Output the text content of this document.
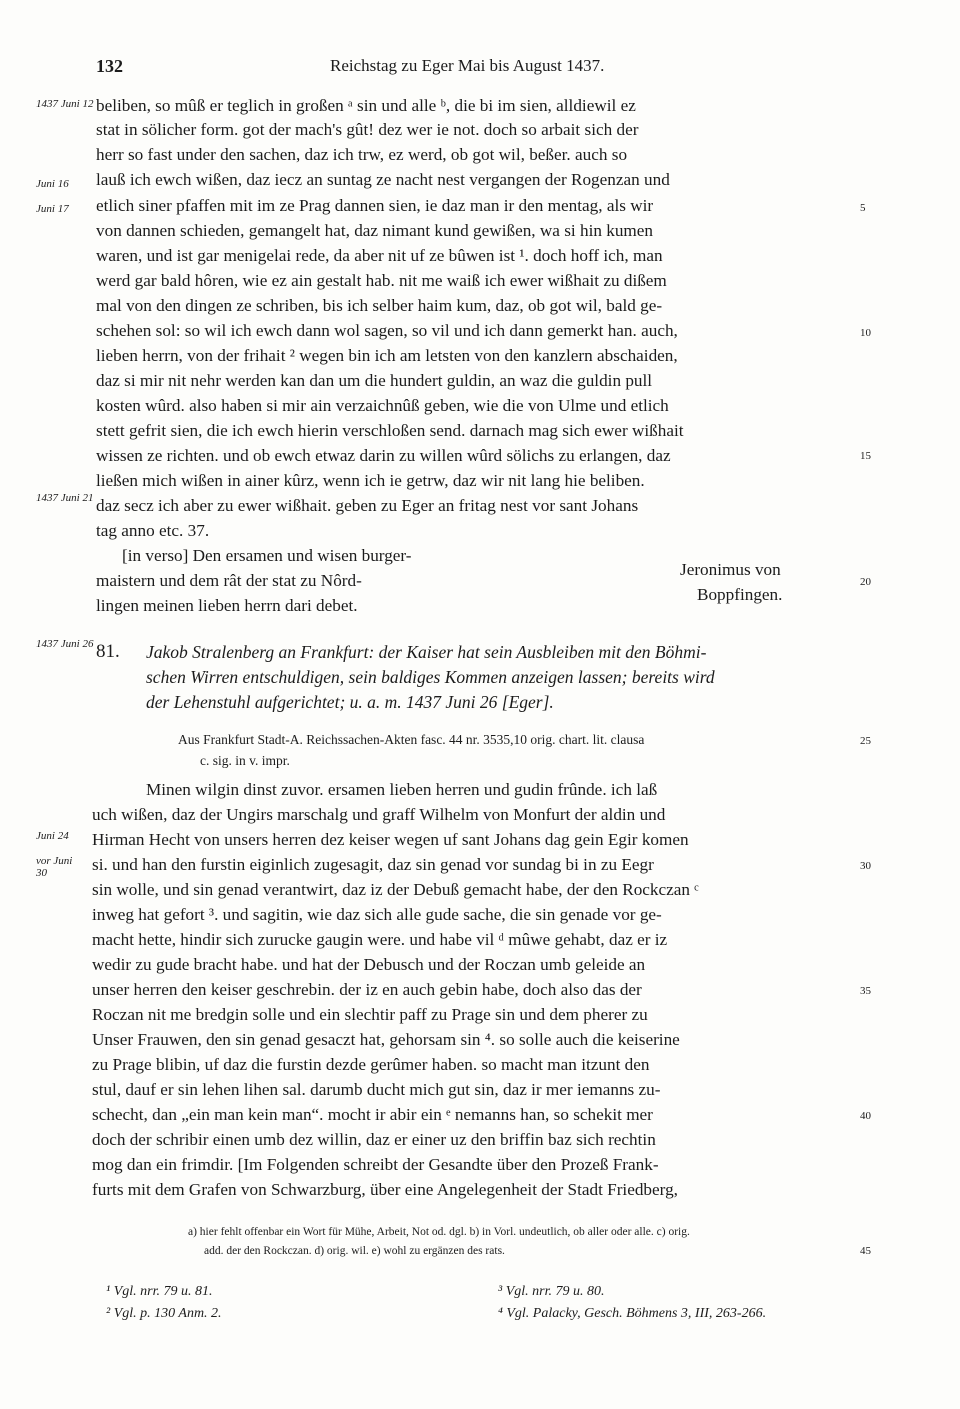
132	Reichstag zu Eger Mai bis August 1437.
1437 Juni 12
Juni 16
Juni 17
1437 Juni 21
beliben, so mûß er teglich in großen ᵃ sin und alle ᵇ, die bi im sien, alldiewil ez
stat in sölicher form. got der mach's gût! dez wer ie not. doch so arbait sich der
herr so fast under den sachen, daz ich trw, ez werd, ob got wil, beßer. auch so
lauß ich ewch wißen, daz iecz an suntag ze nacht nest vergangen der Rogenzan und
etlich siner pfaffen mit im ze Prag dannen sien, ie daz man ir den mentag, als wir
von dannen schieden, gemangelt hat, daz nimant kund gewißen, wa si hin kumen
waren, und ist gar menigelai rede, da aber nit uf ze bûwen ist ¹. doch hoff ich, man
werd gar bald hôren, wie ez ain gestalt hab. nit me waiß ich ewer wißhait zu dißem
mal von den dingen ze schriben, bis ich selber haim kum, daz, ob got wil, bald ge-
schehen sol: so wil ich ewch dann wol sagen, so vil und ich dann gemerkt han. auch,
lieben herrn, von der frihait ² wegen bin ich am letsten von den kanzlern abschaiden,
daz si mir nit nehr werden kan dan um die hundert guldin, an waz die guldin pull
kosten wûrd. also haben si mir ain verzaichnûß geben, wie die von Ulme und etlich
stett gefrit sien, die ich ewch hierin verschloßen send. darnach mag sich ewer wißhait
wissen ze richten. und ob ewch etwaz darin zu willen wûrd sölichs zu erlangen, daz
ließen mich wißen in ainer kûrz, wenn ich ie getrw, daz wir nit lang hie beliben.
daz secz ich aber zu ewer wißhait. geben zu Eger an fritag nest vor sant Johans
tag anno etc. 37.
5
10
15
20
[in verso] Den ersamen und wisen burger-
maistern und dem rât der stat zu Nôrd-
lingen meinen lieben herrn dari debet.
Jeronimus von
Boppfingen.
1437 Juni 26 81. Jakob Stralenberg an Frankfurt: der Kaiser hat sein Ausbleiben mit den Böhmi-
schen Wirren entschuldigen, sein baldiges Kommen anzeigen lassen; bereits wird
der Lehenstuhl aufgerichtet; u. a. m. 1437 Juni 26 [Eger].
Aus Frankfurt Stadt-A. Reichssachen-Akten fasc. 44 nr. 3535,10 orig. chart. lit. clausa
c. sig. in v. impr.
Juni 24
vor Juni 30
Minen wilgin dinst zuvor. ersamen lieben herren und gudin frûnde. ich laß
uch wißen, daz der Ungirs marschalg und graff Wilhelm von Monfurt der aldin und
Hirman Hecht von unsers herren dez keiser wegen uf sant Johans dag gein Egir komen
si. und han den furstin eiginlich zugesagit, daz sin genad vor sundag bi in zu Eegr
sin wolle, und sin genad verantwirt, daz iz der Debuß gemacht habe, der den Rockczan ᶜ
inweg hat gefort ³. und sagitin, wie daz sich alle gude sache, die sin genade vor ge-
macht hette, hindir sich zurucke gaugin were. und habe vil ᵈ mûwe gehabt, daz er iz
wedir zu gude bracht habe. und hat der Debusch und der Roczan umb geleide an
unser herren den keiser geschrebin. der iz en auch gebin habe, doch also das der
Roczan nit me bredgin solle und ein slechtir paff zu Prage sin und dem pherer zu
Unser Frauwen, den sin genad gesaczt hat, gehorsam sin ⁴. so solle auch die keiserine
zu Prage blibin, uf daz die furstin dezde gerûmer haben. so macht man itzunt den
stul, dauf er sin lehen lihen sal. darumb ducht mich gut sin, daz ir mer iemanns zu-
schecht, dan „ein man kein man“. mocht ir abir ein ᵉ nemanns han, so schekit mer
doch der schribir einen umb dez willin, daz er einer uz den briffin baz sich rechtin
mog dan ein frimdir. [Im Folgenden schreibt der Gesandte über den Prozeß Frank-
furts mit dem Grafen von Schwarzburg, über eine Angelegenheit der Stadt Friedberg,
25
30
35
40
45
a) hier fehlt offenbar ein Wort für Mühe, Arbeit, Not od. dgl. b) in Vorl. undeutlich, ob aller oder alle. c) orig.
add. der den Rockczan. d) orig. wil. e) wohl zu ergänzen des rats.
¹ Vgl. nrr. 79 u. 81.
² Vgl. p. 130 Anm. 2.
³ Vgl. nrr. 79 u. 80.
⁴ Vgl. Palacky, Gesch. Böhmens 3, III, 263-266.
